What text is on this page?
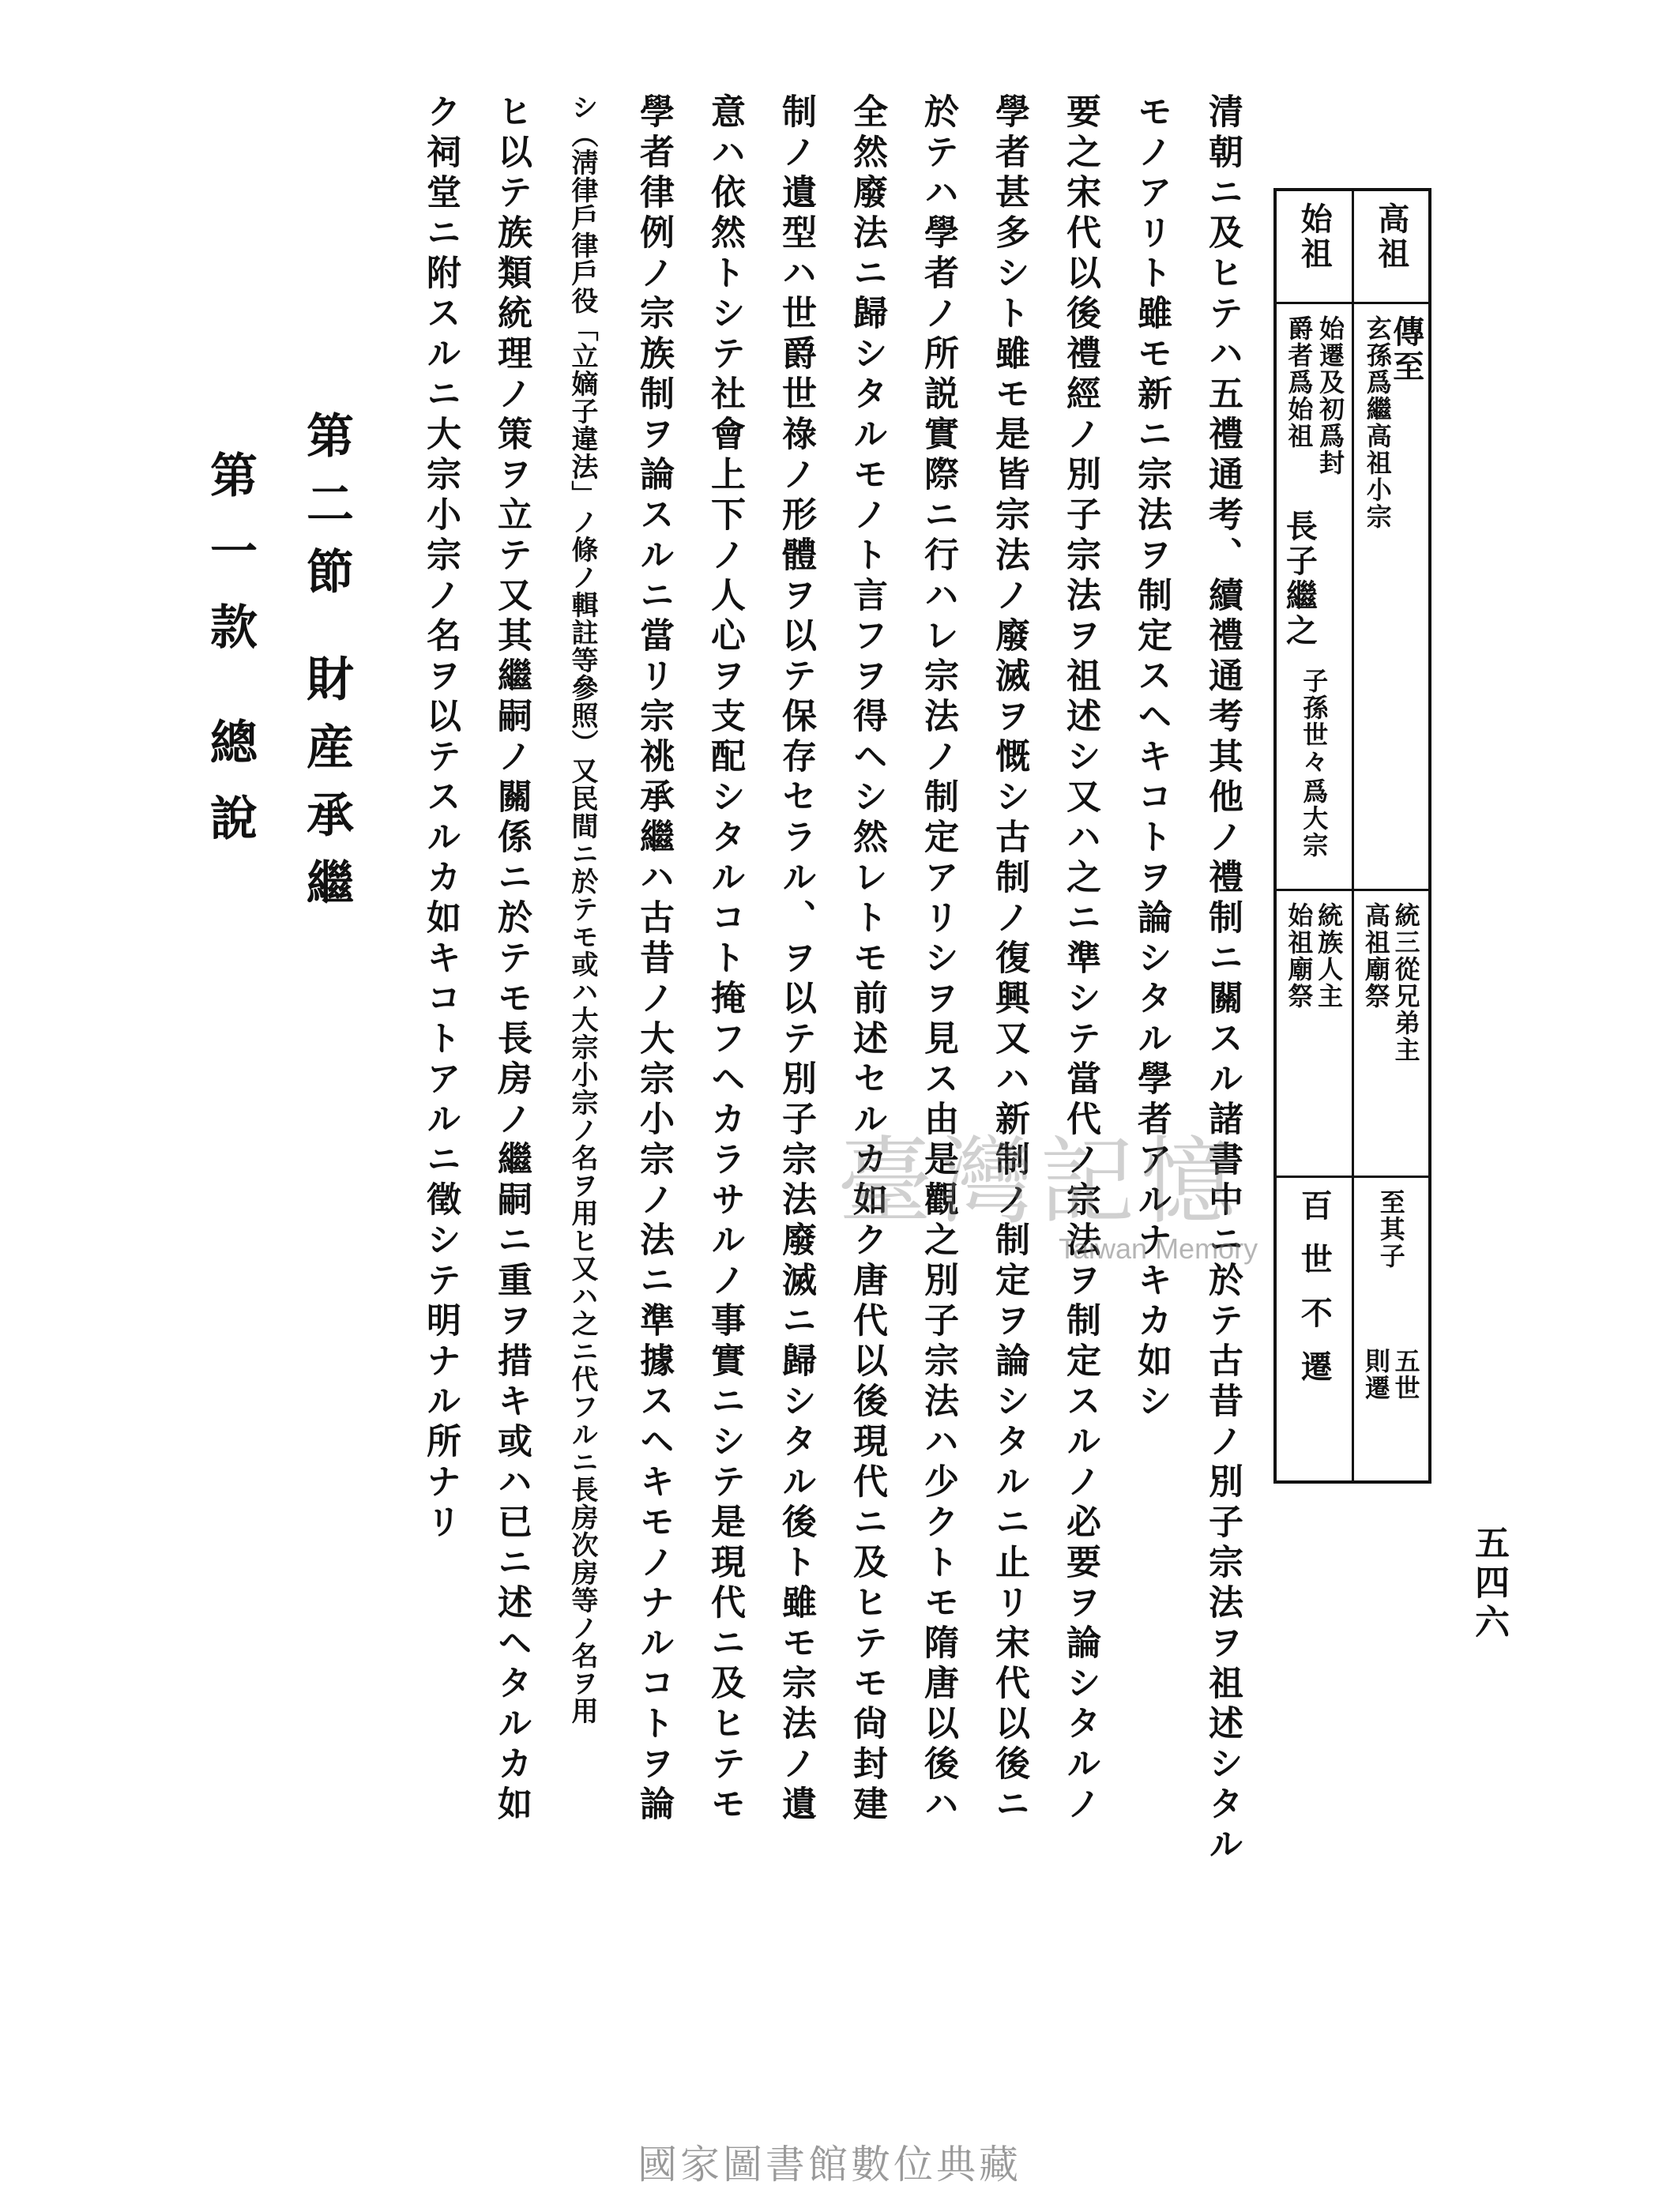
五四六
高祖
傳至
玄孫爲繼高祖小宗
統三從兄弟主
高祖廟祭
至其子
五世
則遷
始祖
始遷及初爲封
爵者爲始祖
長子繼之
子孫世々
爲大宗
統族人主
始祖廟祭
百世不遷
清朝ニ及ヒテハ五禮通考、續禮通考其他ノ禮制ニ關スル諸書中ニ於テ古昔ノ別子宗法ヲ祖述シタル
モノアリト雖モ新ニ宗法ヲ制定スヘキコトヲ論シタル學者アルナキカ如シ
要之宋代以後禮經ノ別子宗法ヲ祖述シ又ハ之ニ準シテ當代ノ宗法ヲ制定スルノ必要ヲ論シタルノ
學者甚多シト雖モ是皆宗法ノ廢滅ヲ慨シ古制ノ復興又ハ新制ノ制定ヲ論シタルニ止リ宋代以後ニ
於テハ學者ノ所説實際ニ行ハレ宗法ノ制定アリシヲ見ス由是觀之別子宗法ハ少クトモ隋唐以後ハ
全然廢法ニ歸シタルモノト言フヲ得ヘシ然レトモ前述セルカ如ク唐代以後現代ニ及ヒテモ尙封建
制ノ遺型ハ世爵世祿ノ形體ヲ以テ保存セラル、ヲ以テ別子宗法廢滅ニ歸シタル後ト雖モ宗法ノ遺
意ハ依然トシテ社會上下ノ人心ヲ支配シタルコト掩フヘカラサルノ事實ニシテ是現代ニ及ヒテモ
學者律例ノ宗族制ヲ論スルニ當リ宗祧承繼ハ古昔ノ大宗小宗ノ法ニ準據スヘキモノナルコトヲ論
シ（淸律戶律戶役「立嫡子違法」ノ條ノ輯註等參照）又民間ニ於テモ或ハ大宗小宗ノ名ヲ用ヒ又ハ之ニ代フルニ長房次房等ノ名ヲ用
ヒ以テ族類統理ノ策ヲ立テ又其繼嗣ノ關係ニ於テモ長房ノ繼嗣ニ重ヲ措キ或ハ已ニ述ヘタルカ如
ク祠堂ニ附スルニ大宗小宗ノ名ヲ以テスルカ如キコトアルニ徵シテ明ナル所ナリ
第二節財産承繼
第一款總說
臺灣記憶
Taiwan Memory
國家圖書館數位典藏
